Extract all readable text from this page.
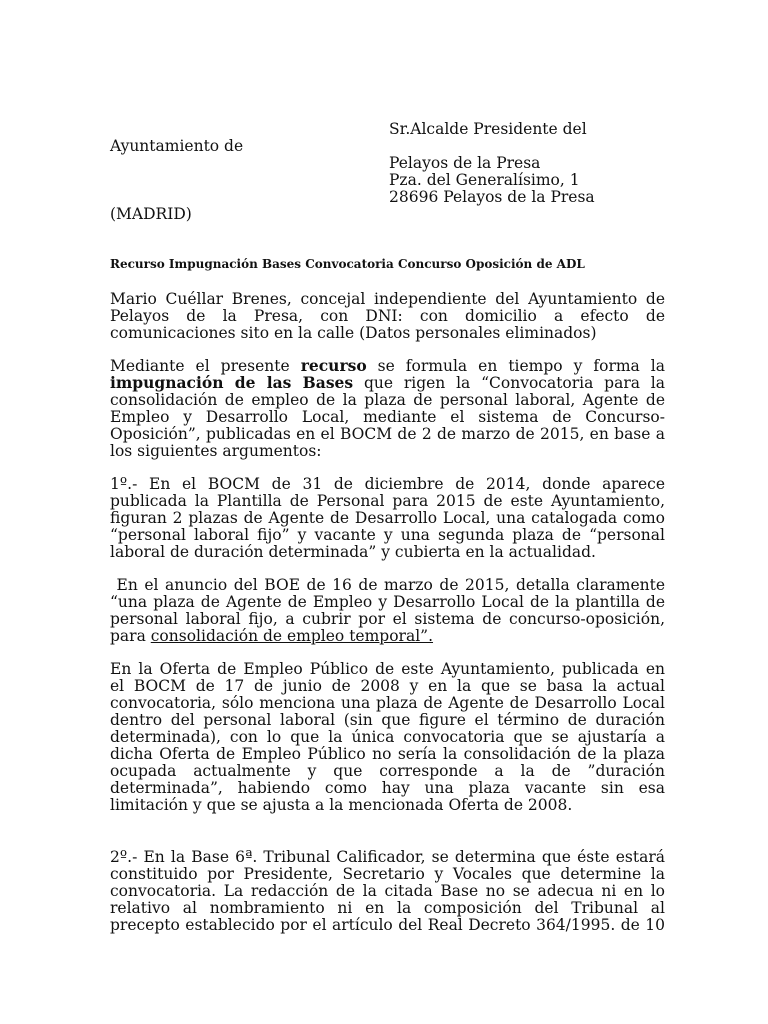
Sr.Alcalde Presidente del
Ayuntamiento de
Pelayos de la Presa
Pza. del Generalísimo, 1
28696 Pelayos de la Presa
(MADRID)
Recurso Impugnación Bases Convocatoria Concurso Oposición de ADL
Mario Cuéllar Brenes, concejal independiente del Ayuntamiento de
Pelayos de la Presa, con DNI: con domicilio a efecto de
comunicaciones sito en la calle (Datos personales eliminados)
Mediante el presente recurso se formula en tiempo y forma la
impugnación de las Bases que rigen la “Convocatoria para la
consolidación de empleo de la plaza de personal laboral, Agente de
Empleo y Desarrollo Local, mediante el sistema de Concurso-
Oposición”, publicadas en el BOCM de 2 de marzo de 2015, en base a
los siguientes argumentos:
1º.- En el BOCM de 31 de diciembre de 2014, donde aparece
publicada la Plantilla de Personal para 2015 de este Ayuntamiento,
figuran 2 plazas de Agente de Desarrollo Local, una catalogada como
“personal laboral fijo” y vacante y una segunda plaza de “personal
laboral de duración determinada” y cubierta en la actualidad.
En el anuncio del BOE de 16 de marzo de 2015, detalla claramente
“una plaza de Agente de Empleo y Desarrollo Local de la plantilla de
personal laboral fijo, a cubrir por el sistema de concurso-oposición,
para consolidación de empleo temporal”.
En la Oferta de Empleo Público de este Ayuntamiento, publicada en
el BOCM de 17 de junio de 2008 y en la que se basa la actual
convocatoria, sólo menciona una plaza de Agente de Desarrollo Local
dentro del personal laboral (sin que figure el término de duración
determinada), con lo que la única convocatoria que se ajustaría a
dicha Oferta de Empleo Público no sería la consolidación de la plaza
ocupada actualmente y que corresponde a la de ”duración
determinada”, habiendo como hay una plaza vacante sin esa
limitación y que se ajusta a la mencionada Oferta de 2008.
2º.- En la Base 6ª. Tribunal Calificador, se determina que éste estará
constituido por Presidente, Secretario y Vocales que determine la
convocatoria. La redacción de la citada Base no se adecua ni en lo
relativo al nombramiento ni en la composición del Tribunal al
precepto establecido por el artículo del Real Decreto 364/1995. de 10
